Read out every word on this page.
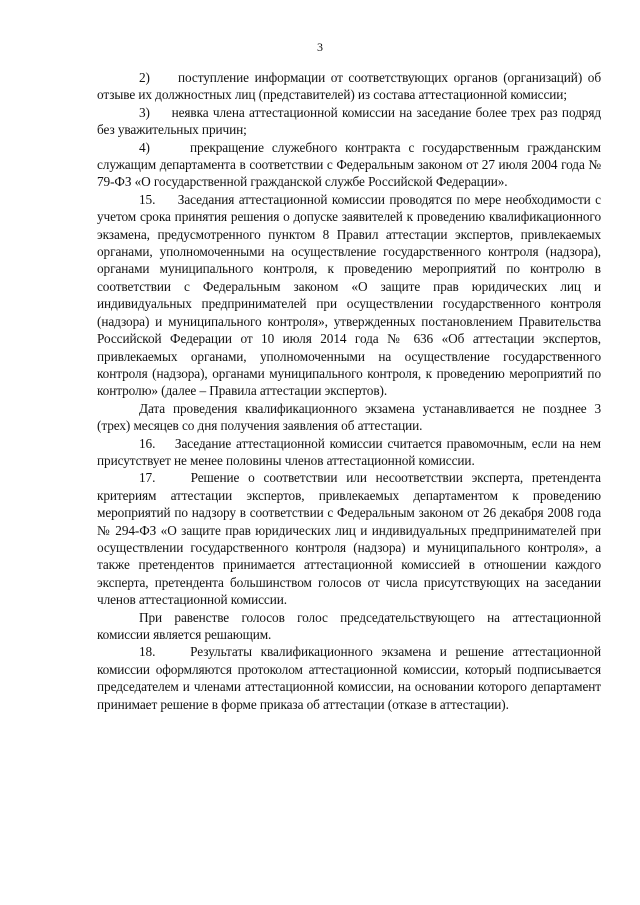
3

2)     поступление информации от соответствующих органов (организаций) об отзыве их должностных лиц (представителей) из состава аттестационной комиссии;

3)     неявка члена аттестационной комиссии на заседание более трех раз подряд без уважительных причин;

4)     прекращение служебного контракта с государственным гражданским служащим департамента в соответствии с Федеральным законом от 27 июля 2004 года № 79-ФЗ «О государственной гражданской службе Российской Федерации».

15.     Заседания аттестационной комиссии проводятся по мере необходимости с учетом срока принятия решения о допуске заявителей к проведению квалификационного экзамена, предусмотренного пунктом 8 Правил аттестации экспертов, привлекаемых органами, уполномоченными на осуществление государственного контроля (надзора), органами муниципального контроля, к проведению мероприятий по контролю в соответствии с Федеральным законом «О защите прав юридических лиц и индивидуальных предпринимателей при осуществлении государственного контроля (надзора) и муниципального контроля», утвержденных постановлением Правительства Российской Федерации от 10 июля 2014 года № 636 «Об аттестации экспертов, привлекаемых органами, уполномоченными на осуществление государственного контроля (надзора), органами муниципального контроля, к проведению мероприятий по контролю» (далее – Правила аттестации экспертов).

Дата проведения квалификационного экзамена устанавливается не позднее 3 (трех) месяцев со дня получения заявления об аттестации.

16.    Заседание аттестационной комиссии считается правомочным, если на нем присутствует не менее половины членов аттестационной комиссии.

17.    Решение о соответствии или несоответствии эксперта, претендента критериям аттестации экспертов, привлекаемых департаментом к проведению мероприятий по надзору в соответствии с Федеральным законом от 26 декабря 2008 года № 294-ФЗ «О защите прав юридических лиц и индивидуальных предпринимателей при осуществлении государственного контроля (надзора) и муниципального контроля», а также претендентов принимается аттестационной комиссией в отношении каждого эксперта, претендента большинством голосов от числа присутствующих на заседании членов аттестационной комиссии.

При равенстве голосов голос председательствующего на аттестационной комиссии является решающим.

18.    Результаты квалификационного экзамена и решение аттестационной комиссии оформляются протоколом аттестационной комиссии, который подписывается председателем и членами аттестационной комиссии, на основании которого департамент принимает решение в форме приказа об аттестации (отказе в аттестации).
